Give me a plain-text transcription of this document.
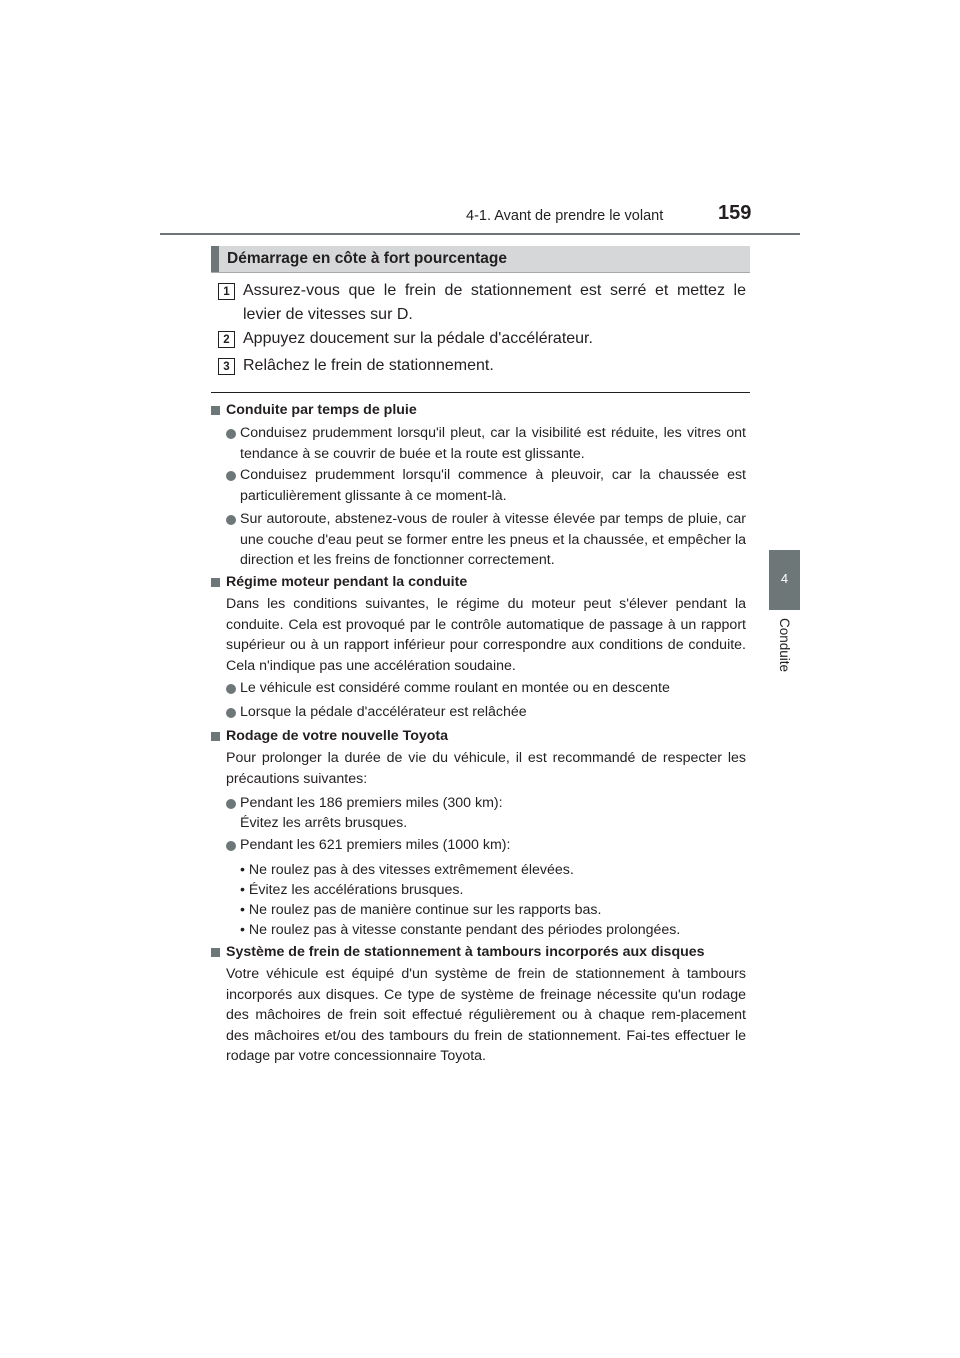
4-1. Avant de prendre le volant	159
4
Conduite
Démarrage en côte à fort pourcentage
1 Assurez-vous que le frein de stationnement est serré et mettez le levier de vitesses sur D.
2 Appuyez doucement sur la pédale d'accélérateur.
3 Relâchez le frein de stationnement.
Conduite par temps de pluie
Conduisez prudemment lorsqu'il pleut, car la visibilité est réduite, les vitres ont tendance à se couvrir de buée et la route est glissante.
Conduisez prudemment lorsqu'il commence à pleuvoir, car la chaussée est particulièrement glissante à ce moment-là.
Sur autoroute, abstenez-vous de rouler à vitesse élevée par temps de pluie, car une couche d'eau peut se former entre les pneus et la chaussée, et empêcher la direction et les freins de fonctionner correctement.
Régime moteur pendant la conduite
Dans les conditions suivantes, le régime du moteur peut s'élever pendant la conduite. Cela est provoqué par le contrôle automatique de passage à un rapport supérieur ou à un rapport inférieur pour correspondre aux conditions de conduite. Cela n'indique pas une accélération soudaine.
Le véhicule est considéré comme roulant en montée ou en descente
Lorsque la pédale d'accélérateur est relâchée
Rodage de votre nouvelle Toyota
Pour prolonger la durée de vie du véhicule, il est recommandé de respecter les précautions suivantes:
Pendant les 186 premiers miles (300 km):
Évitez les arrêts brusques.
Pendant les 621 premiers miles (1000 km):
• Ne roulez pas à des vitesses extrêmement élevées.
• Évitez les accélérations brusques.
• Ne roulez pas de manière continue sur les rapports bas.
• Ne roulez pas à vitesse constante pendant des périodes prolongées.
Système de frein de stationnement à tambours incorporés aux disques
Votre véhicule est équipé d'un système de frein de stationnement à tambours incorporés aux disques. Ce type de système de freinage nécessite qu'un rodage des mâchoires de frein soit effectué régulièrement ou à chaque rem-placement des mâchoires et/ou des tambours du frein de stationnement. Fai-tes effectuer le rodage par votre concessionnaire Toyota.
